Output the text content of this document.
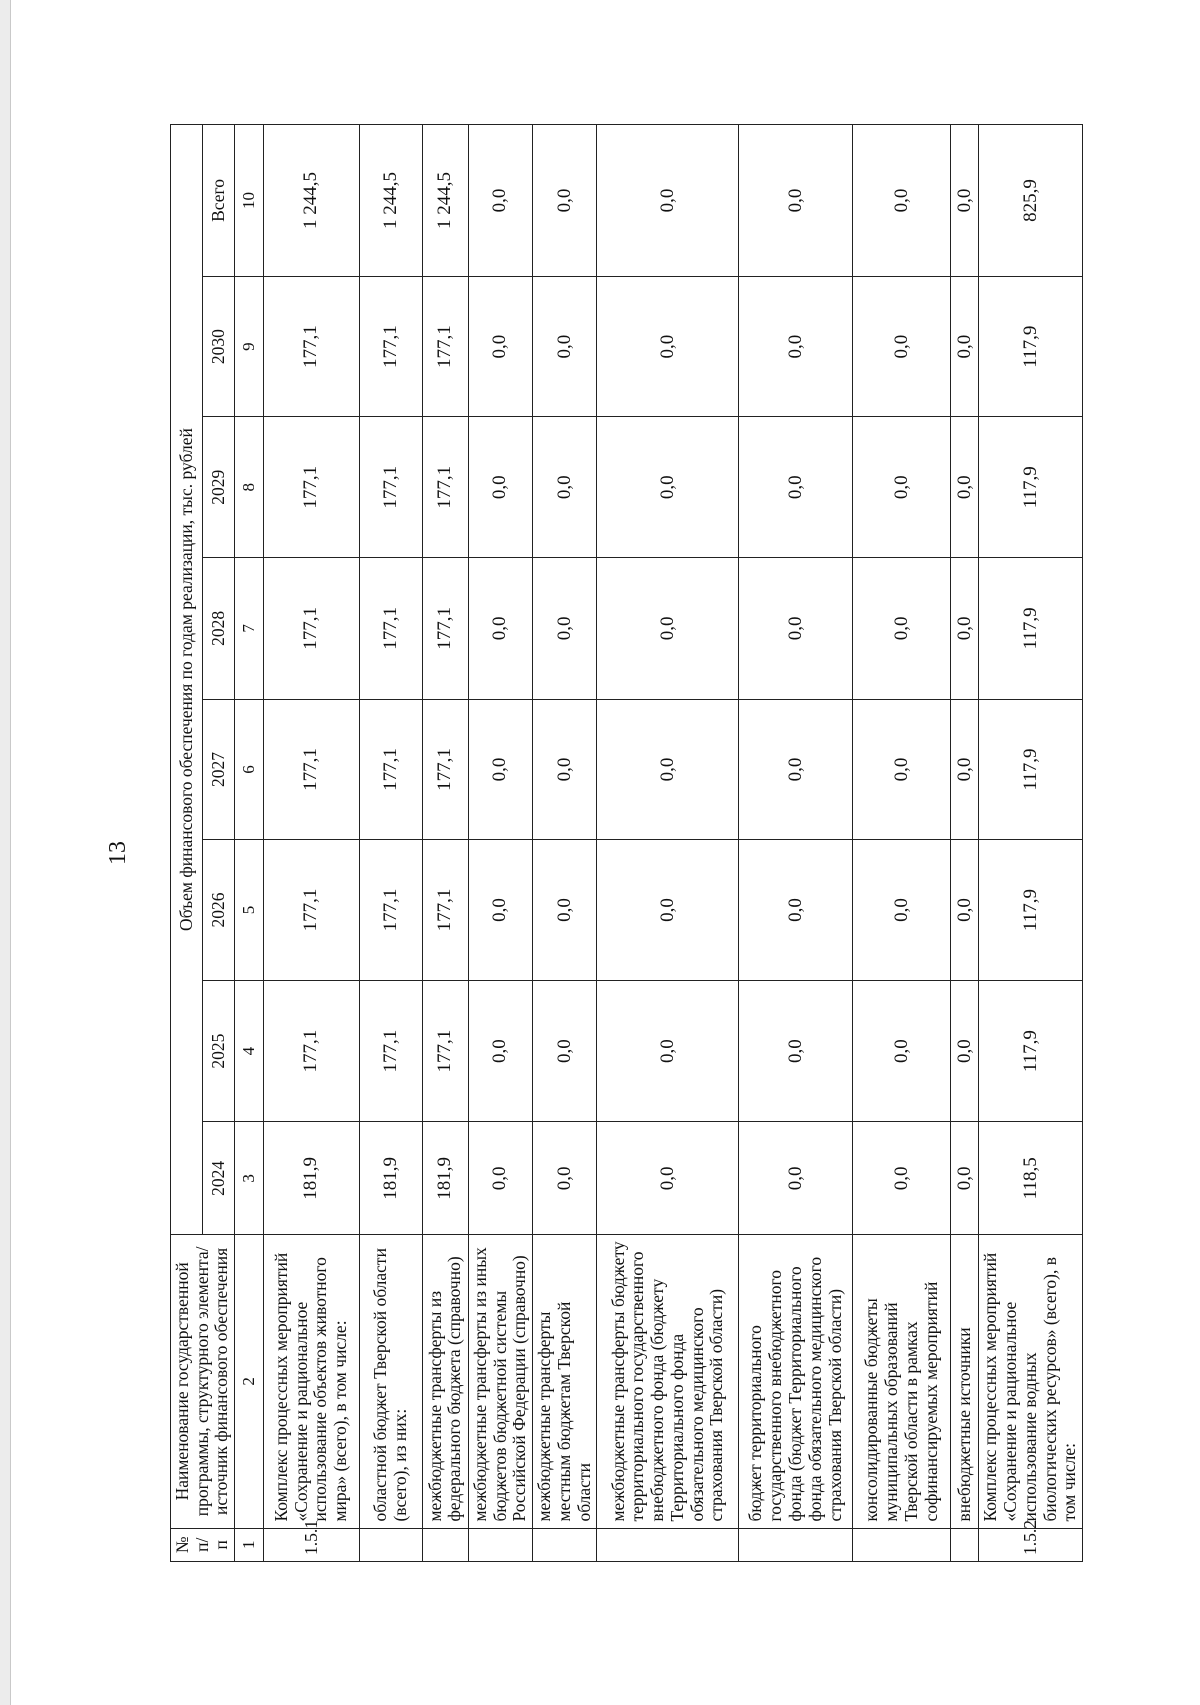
13
№
п/п	Наименование государственной программы, структурного элемента/источник финансового обеспечения	Объем финансового обеспечения по годам реализации, тыс. рублей							
		2024	2025	2026	2027	2028	2029	2030	Всего
1	2	3	4	5	6	7	8	9	10
1.5.1	Комплекс процессных мероприятий «Сохранение и рациональное использование объектов животного мира» (всего), в том числе:	181,9	177,1	177,1	177,1	177,1	177,1	177,1	1 244,5
	областной бюджет Тверской области (всего), из них:	181,9	177,1	177,1	177,1	177,1	177,1	177,1	1 244,5
	межбюджетные трансферты из федерального бюджета (справочно)	181,9	177,1	177,1	177,1	177,1	177,1	177,1	1 244,5
	межбюджетные трансферты из иных бюджетов бюджетной системы Российской Федерации (справочно)	0,0	0,0	0,0	0,0	0,0	0,0	0,0	0,0
	межбюджетные трансферты местным бюджетам Тверской области	0,0	0,0	0,0	0,0	0,0	0,0	0,0	0,0
	межбюджетные трансферты бюджету территориального государственного внебюджетного фонда (бюджету Территориального фонда обязательного медицинского страхования Тверской области)	0,0	0,0	0,0	0,0	0,0	0,0	0,0	0,0
	бюджет территориального государственного внебюджетного фонда (бюджет Территориального фонда обязательного медицинского страхования Тверской области)	0,0	0,0	0,0	0,0	0,0	0,0	0,0	0,0
	консолидированные бюджеты муниципальных образований Тверской области в рамках софинансируемых мероприятий	0,0	0,0	0,0	0,0	0,0	0,0	0,0	0,0
	внебюджетные источники	0,0	0,0	0,0	0,0	0,0	0,0	0,0	0,0
1.5.2	Комплекс процессных мероприятий «Сохранение и рациональное использование водных биологических ресурсов» (всего), в том числе:	118,5	117,9	117,9	117,9	117,9	117,9	117,9	825,9
